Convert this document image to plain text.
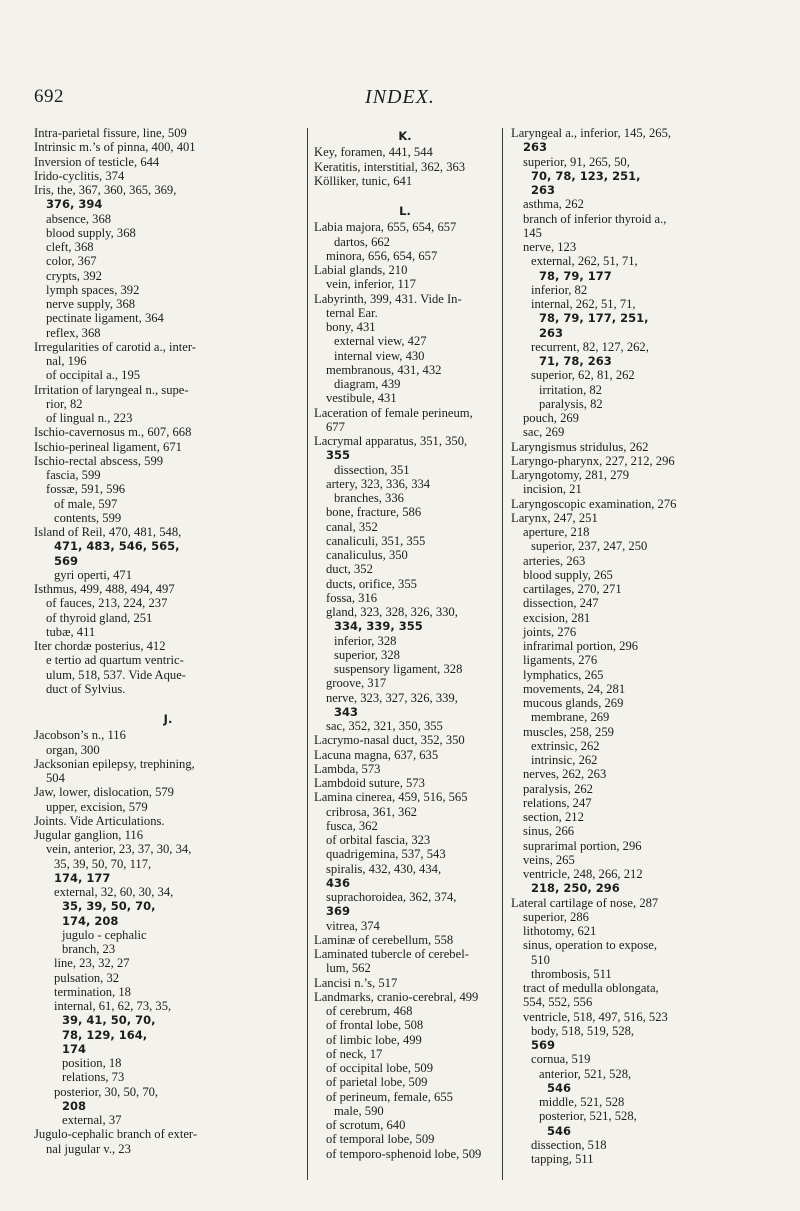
692	INDEX.
Intra-parietal fissure, line, 509
Intrinsic m.’s of pinna, 400, 401
Inversion of testicle, 644
Irido-cyclitis, 374
Iris, the, 367, 360, 365, 369,
376, 394
absence, 368
blood supply, 368
cleft, 368
color, 367
crypts, 392
lymph spaces, 392
nerve supply, 368
pectinate ligament, 364
reflex, 368
Irregularities of carotid a., inter-
nal, 196
of occipital a., 195
Irritation of laryngeal n., supe-
rior, 82
of lingual n., 223
Ischio-cavernosus m., 607, 668
Ischio-perineal ligament, 671
Ischio-rectal abscess, 599
fascia, 599
fossæ, 591, 596
of male, 597
contents, 599
Island of Reil, 470, 481, 548,
471, 483, 546, 565,
569
gyri operti, 471
Isthmus, 499, 488, 494, 497
of fauces, 213, 224, 237
of thyroid gland, 251
tubæ, 411
Iter chordæ posterius, 412
e tertio ad quartum ventric-
ulum, 518, 537. Vide Aque-
duct of Sylvius.
J.
Jacobson’s n., 116
organ, 300
Jacksonian epilepsy, trephining,
504
Jaw, lower, dislocation, 579
upper, excision, 579
Joints. Vide Articulations.
Jugular ganglion, 116
vein, anterior, 23, 37, 30, 34,
35, 39, 50, 70, 117,
174, 177
external, 32, 60, 30, 34,
35, 39, 50, 70,
174, 208
jugulo - cephalic
branch, 23
line, 23, 32, 27
pulsation, 32
termination, 18
internal, 61, 62, 73, 35,
39, 41, 50, 70,
78, 129, 164,
174
position, 18
relations, 73
posterior, 30, 50, 70,
208
external, 37
Jugulo-cephalic branch of exter-
nal jugular v., 23
K.
Key, foramen, 441, 544
Keratitis, interstitial, 362, 363
Kölliker, tunic, 641
L.
Labia majora, 655, 654, 657
dartos, 662
minora, 656, 654, 657
Labial glands, 210
vein, inferior, 117
Labyrinth, 399, 431. Vide In-
ternal Ear.
bony, 431
external view, 427
internal view, 430
membranous, 431, 432
diagram, 439
vestibule, 431
Laceration of female perineum,
677
Lacrymal apparatus, 351, 350,
355
dissection, 351
artery, 323, 336, 334
branches, 336
bone, fracture, 586
canal, 352
canaliculi, 351, 355
canaliculus, 350
duct, 352
ducts, orifice, 355
fossa, 316
gland, 323, 328, 326, 330,
334, 339, 355
inferior, 328
superior, 328
suspensory ligament, 328
groove, 317
nerve, 323, 327, 326, 339,
343
sac, 352, 321, 350, 355
Lacrymo-nasal duct, 352, 350
Lacuna magna, 637, 635
Lambda, 573
Lambdoid suture, 573
Lamina cinerea, 459, 516, 565
cribrosa, 361, 362
fusca, 362
of orbital fascia, 323
quadrigemina, 537, 543
spiralis, 432, 430, 434,
436
suprachoroidea, 362, 374,
369
vitrea, 374
Laminæ of cerebellum, 558
Laminated tubercle of cerebel-
lum, 562
Lancisi n.’s, 517
Landmarks, cranio-cerebral, 499
of cerebrum, 468
of frontal lobe, 508
of limbic lobe, 499
of neck, 17
of occipital lobe, 509
of parietal lobe, 509
of perineum, female, 655
male, 590
of scrotum, 640
of temporal lobe, 509
of temporo-sphenoid lobe, 509
Laryngeal a., inferior, 145, 265,
263
superior, 91, 265, 50,
70, 78, 123, 251,
263
asthma, 262
branch of inferior thyroid a.,
145
nerve, 123
external, 262, 51, 71,
78, 79, 177
inferior, 82
internal, 262, 51, 71,
78, 79, 177, 251,
263
recurrent, 82, 127, 262,
71, 78, 263
superior, 62, 81, 262
irritation, 82
paralysis, 82
pouch, 269
sac, 269
Laryngismus stridulus, 262
Laryngo-pharynx, 227, 212, 296
Laryngotomy, 281, 279
incision, 21
Laryngoscopic examination, 276
Larynx, 247, 251
aperture, 218
superior, 237, 247, 250
arteries, 263
blood supply, 265
cartilages, 270, 271
dissection, 247
excision, 281
joints, 276
infrarimal portion, 296
ligaments, 276
lymphatics, 265
movements, 24, 281
mucous glands, 269
membrane, 269
muscles, 258, 259
extrinsic, 262
intrinsic, 262
nerves, 262, 263
paralysis, 262
relations, 247
section, 212
sinus, 266
suprarimal portion, 296
veins, 265
ventricle, 248, 266, 212
218, 250, 296
Lateral cartilage of nose, 287
superior, 286
lithotomy, 621
sinus, operation to expose,
510
thrombosis, 511
tract of medulla oblongata,
554, 552, 556
ventricle, 518, 497, 516, 523
body, 518, 519, 528,
569
cornua, 519
anterior, 521, 528,
546
middle, 521, 528
posterior, 521, 528,
546
dissection, 518
tapping, 511
